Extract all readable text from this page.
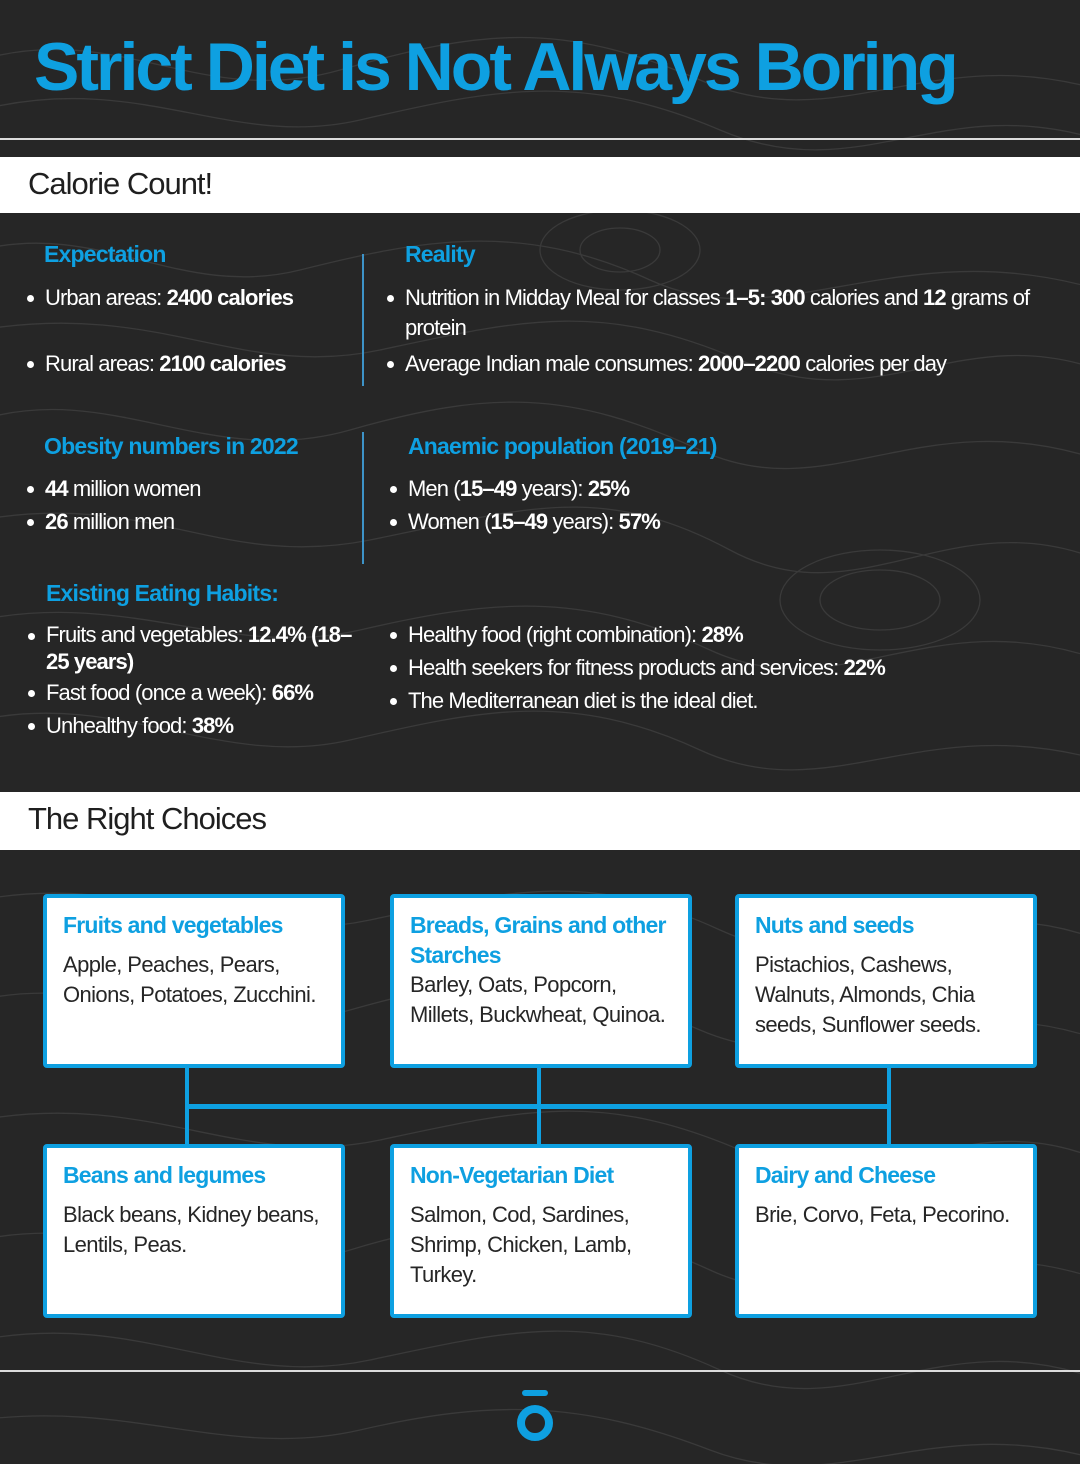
Strict Diet is Not Always Boring
Calorie Count!
Expectation
Urban areas: 2400 calories
Rural areas: 2100 calories
Reality
Nutrition in Midday Meal for classes 1–5: 300 calories and 12 grams of protein
Average Indian male consumes: 2000–2200 calories per day
Obesity numbers in 2022
44 million women
26 million men
Anaemic population (2019–21)
Men (15–49 years): 25%
Women (15–49 years): 57%
Existing Eating Habits:
Fruits and vegetables: 12.4% (18–25 years)
Fast food (once a week): 66%
Unhealthy food: 38%
Healthy food (right combination): 28%
Health seekers for fitness products and services: 22%
The Mediterranean diet is the ideal diet.
The Right Choices
Fruits and vegetables
Apple, Peaches, Pears, Onions, Potatoes, Zucchini.
Breads, Grains and other Starches
Barley, Oats, Popcorn, Millets, Buckwheat, Quinoa.
Nuts and seeds
Pistachios, Cashews, Walnuts, Almonds, Chia seeds, Sunflower seeds.
Beans and legumes
Black beans, Kidney beans, Lentils, Peas.
Non-Vegetarian Diet
Salmon, Cod, Sardines, Shrimp, Chicken, Lamb, Turkey.
Dairy and Cheese
Brie, Corvo, Feta, Pecorino.
